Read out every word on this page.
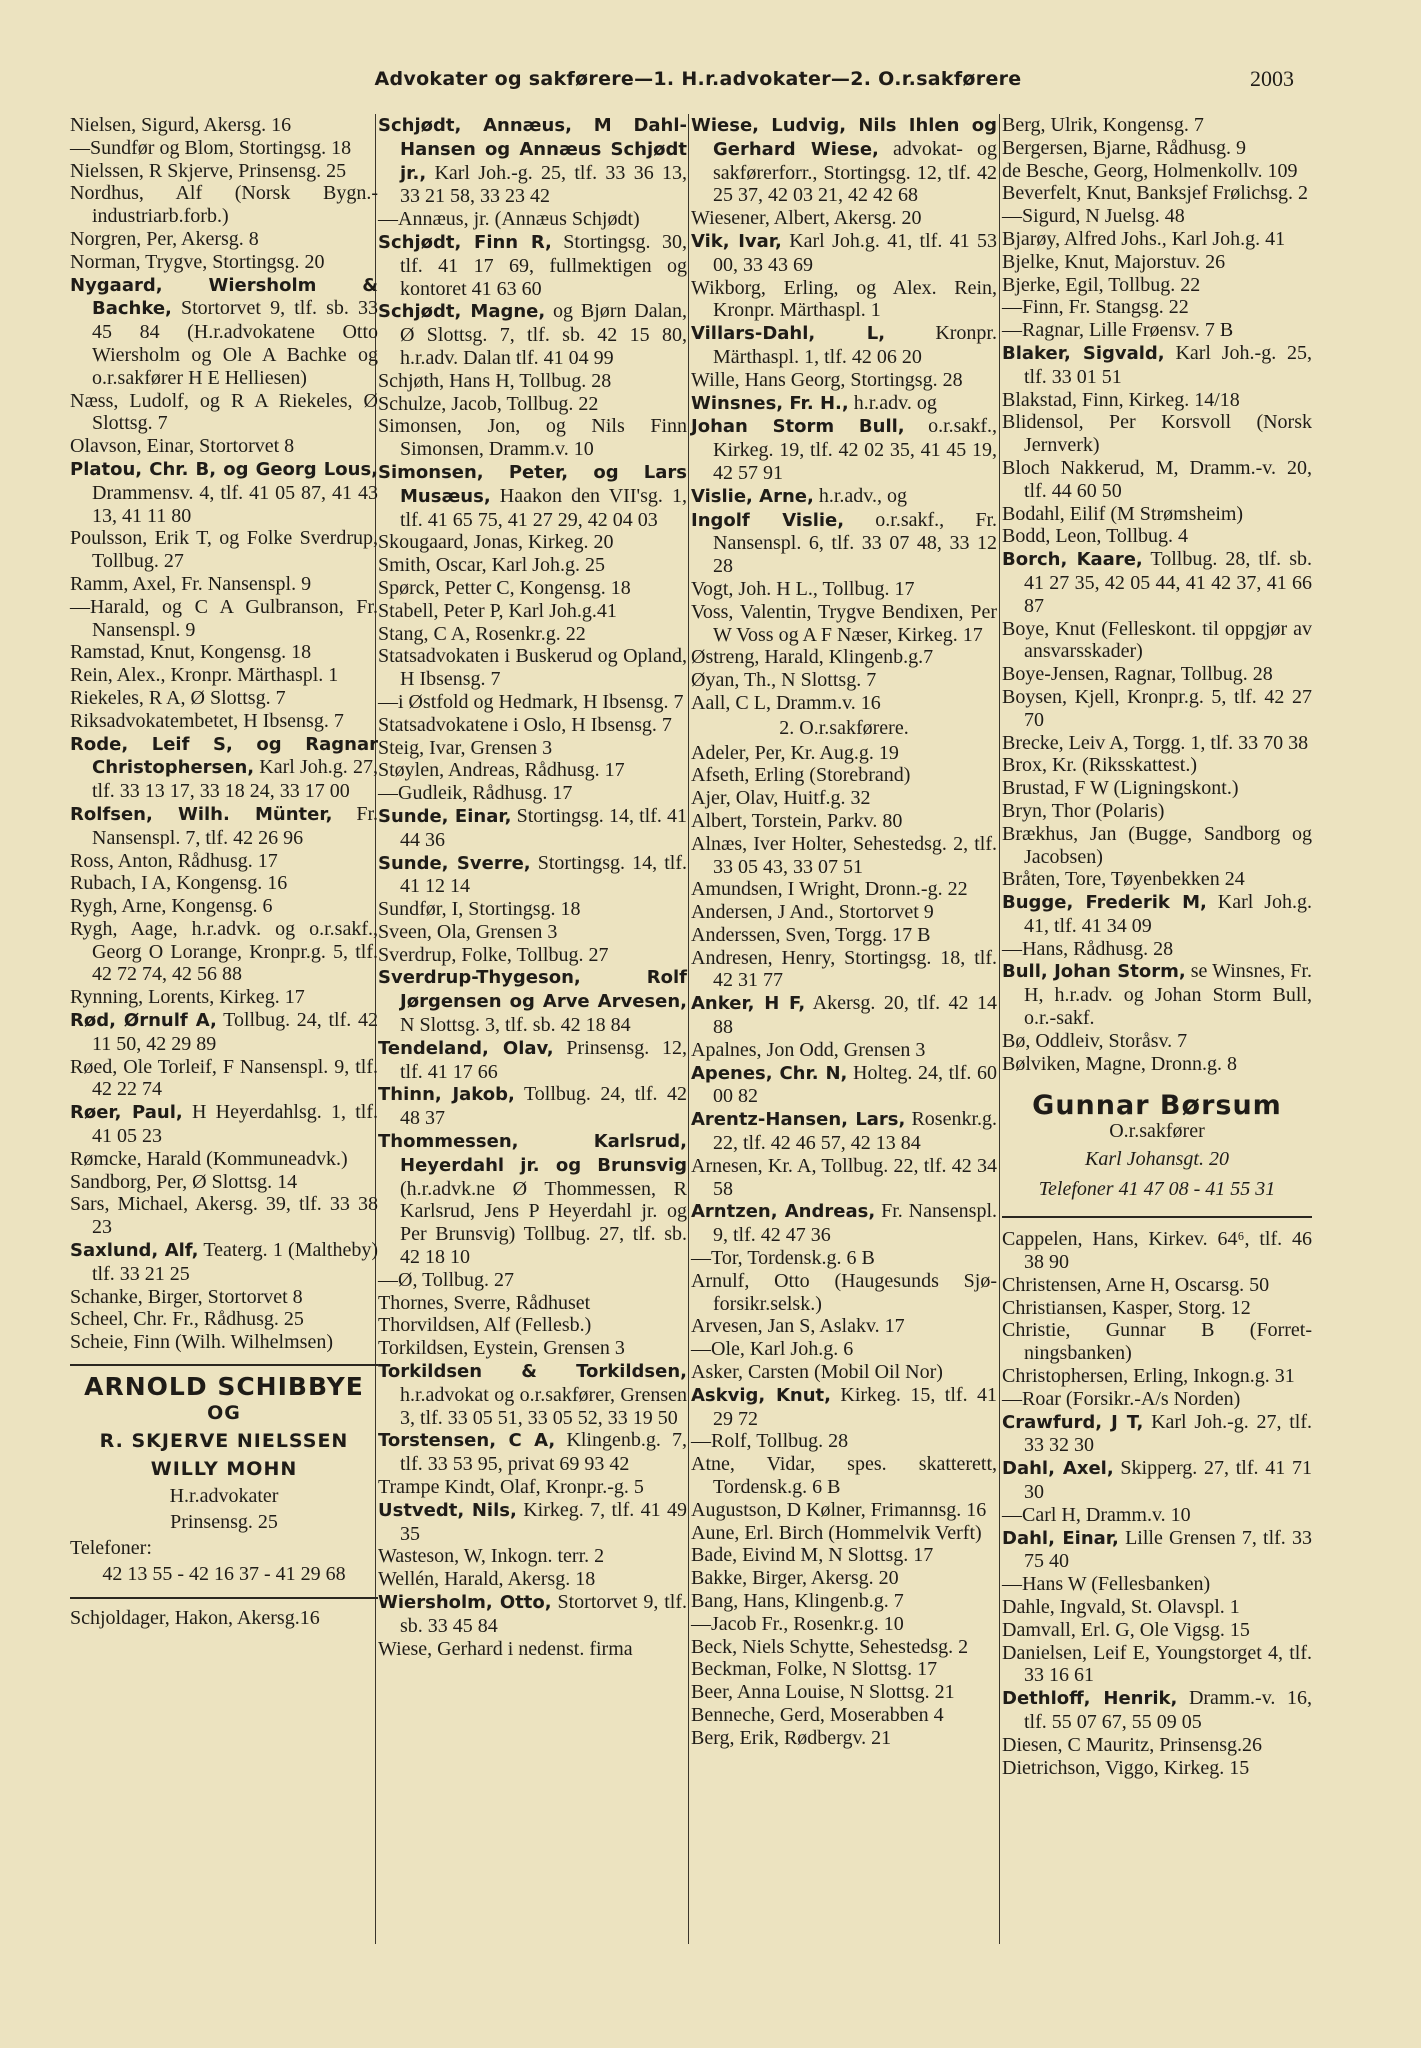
Advokater og sakførere—1. H.r.advokater—2. O.r.sakførere	2003
Nielsen, Sigurd, Akersg. 16
—Sundfør og Blom, Stortingsg. 18
Nielssen, R Skjerve, Prinsensg. 25
Nordhus, Alf (Norsk Bygn.-industriarb.forb.)
Norgren, Per, Akersg. 8
Norman, Trygve, Stortingsg. 20
Nygaard, Wiersholm & Bachke, Stortorvet 9, tlf. sb. 33 45 84 (H.r.advokatene Otto Wiersholm og Ole A Bachke og o.r.sakfører H E Helliesen)
Næss, Ludolf, og R A Riekeles, Ø Slottsg. 7
Olavson, Einar, Stortorvet 8
Platou, Chr. B, og Georg Lous, Drammensv. 4, tlf. 41 05 87, 41 43 13, 41 11 80
Poulsson, Erik T, og Folke Sverdrup, Tollbug. 27
Ramm, Axel, Fr. Nansenspl. 9
—Harald, og C A Gulbranson, Fr. Nansenspl. 9
Ramstad, Knut, Kongensg. 18
Rein, Alex., Kronpr. Märthaspl. 1
Riekeles, R A, Ø Slottsg. 7
Riksadvokatembetet, H Ibsensg. 7
Rode, Leif S, og Ragnar Christophersen, Karl Joh.g. 27, tlf. 33 13 17, 33 18 24, 33 17 00
Rolfsen, Wilh. Münter, Fr. Nansenspl. 7, tlf. 42 26 96
Ross, Anton, Rådhusg. 17
Rubach, I A, Kongensg. 16
Rygh, Arne, Kongensg. 6
Rygh, Aage, h.r.advk. og o.r.sakf., Georg O Lorange, Kronpr.g. 5, tlf. 42 72 74, 42 56 88
Rynning, Lorents, Kirkeg. 17
Rød, Ørnulf A, Tollbug. 24, tlf. 42 11 50, 42 29 89
Røed, Ole Torleif, F Nansenspl. 9, tlf. 42 22 74
Røer, Paul, H Heyerdahlsg. 1, tlf. 41 05 23
Rømcke, Harald (Kommuneadvk.)
Sandborg, Per, Ø Slottsg. 14
Sars, Michael, Akersg. 39, tlf. 33 38 23
Saxlund, Alf, Teaterg. 1 (Maltheby) tlf. 33 21 25
Schanke, Birger, Stortorvet 8
Scheel, Chr. Fr., Rådhusg. 25
Scheie, Finn (Wilh. Wilhelmsen)
ARNOLD SCHIBBYE
OG
R. SKJERVE NIELSSEN
WILLY MOHN
H.r.advokater
Prinsensg. 25
Telefoner:
42 13 55 - 42 16 37 - 41 29 68
Schjoldager, Hakon, Akersg.16
Schjødt, Annæus, M Dahl-Hansen og Annæus Schjødt jr., Karl Joh.-g. 25, tlf. 33 36 13, 33 21 58, 33 23 42
—Annæus, jr. (Annæus Schjødt)
Schjødt, Finn R, Stortingsg. 30, tlf. 41 17 69, fullmektigen og kontoret 41 63 60
Schjødt, Magne, og Bjørn Dalan, Ø Slottsg. 7, tlf. sb. 42 15 80, h.r.adv. Dalan tlf. 41 04 99
Schjøth, Hans H, Tollbug. 28
Schulze, Jacob, Tollbug. 22
Simonsen, Jon, og Nils Finn Simonsen, Dramm.v. 10
Simonsen, Peter, og Lars Musæus, Haakon den VII'sg. 1, tlf. 41 65 75, 41 27 29, 42 04 03
Skougaard, Jonas, Kirkeg. 20
Smith, Oscar, Karl Joh.g. 25
Spørck, Petter C, Kongensg. 18
Stabell, Peter P, Karl Joh.g.41
Stang, C A, Rosenkr.g. 22
Statsadvokaten i Buskerud og Opland, H Ibsensg. 7
—i Østfold og Hedmark, H Ibsensg. 7
Statsadvokatene i Oslo, H Ibsensg. 7
Steig, Ivar, Grensen 3
Støylen, Andreas, Rådhusg. 17
—Gudleik, Rådhusg. 17
Sunde, Einar, Stortingsg. 14, tlf. 41 44 36
Sunde, Sverre, Stortingsg. 14, tlf. 41 12 14
Sundfør, I, Stortingsg. 18
Sveen, Ola, Grensen 3
Sverdrup, Folke, Tollbug. 27
Sverdrup-Thygeson, Rolf Jørgensen og Arve Arvesen, N Slottsg. 3, tlf. sb. 42 18 84
Tendeland, Olav, Prinsensg. 12, tlf. 41 17 66
Thinn, Jakob, Tollbug. 24, tlf. 42 48 37
Thommessen, Karlsrud, Heyerdahl jr. og Brunsvig (h.r.advk.ne Ø Thommessen, R Karlsrud, Jens P Heyerdahl jr. og Per Brunsvig) Tollbug. 27, tlf. sb. 42 18 10
—Ø, Tollbug. 27
Thornes, Sverre, Rådhuset
Thorvildsen, Alf (Fellesb.)
Torkildsen, Eystein, Grensen 3
Torkildsen & Torkildsen, h.r.advokat og o.r.sakfører, Grensen 3, tlf. 33 05 51, 33 05 52, 33 19 50
Torstensen, C A, Klingenb.g. 7, tlf. 33 53 95, privat 69 93 42
Trampe Kindt, Olaf, Kronpr.-g. 5
Ustvedt, Nils, Kirkeg. 7, tlf. 41 49 35
Wasteson, W, Inkogn. terr. 2
Wellén, Harald, Akersg. 18
Wiersholm, Otto, Stortorvet 9, tlf. sb. 33 45 84
Wiese, Gerhard i nedenst. firma
Wiese, Ludvig, Nils Ihlen og Gerhard Wiese, advokat- og sakførerforr., Stortingsg. 12, tlf. 42 25 37, 42 03 21, 42 42 68
Wiesener, Albert, Akersg. 20
Vik, Ivar, Karl Joh.g. 41, tlf. 41 53 00, 33 43 69
Wikborg, Erling, og Alex. Rein, Kronpr. Märthaspl. 1
Villars-Dahl, L, Kronpr. Märthaspl. 1, tlf. 42 06 20
Wille, Hans Georg, Stortingsg. 28
Winsnes, Fr. H., h.r.adv. og
Johan Storm Bull, o.r.sakf., Kirkeg. 19, tlf. 42 02 35, 41 45 19, 42 57 91
Vislie, Arne, h.r.adv., og
Ingolf Vislie, o.r.sakf., Fr. Nansenspl. 6, tlf. 33 07 48, 33 12 28
Vogt, Joh. H L., Tollbug. 17
Voss, Valentin, Trygve Bendixen, Per W Voss og A F Næser, Kirkeg. 17
Østreng, Harald, Klingenb.g.7
Øyan, Th., N Slottsg. 7
Aall, C L, Dramm.v. 16
2. O.r.sakførere.
Adeler, Per, Kr. Aug.g. 19
Afseth, Erling (Storebrand)
Ajer, Olav, Huitf.g. 32
Albert, Torstein, Parkv. 80
Alnæs, Iver Holter, Sehestedsg. 2, tlf. 33 05 43, 33 07 51
Amundsen, I Wright, Dronn.-g. 22
Andersen, J And., Stortorvet 9
Anderssen, Sven, Torgg. 17 B
Andresen, Henry, Stortingsg. 18, tlf. 42 31 77
Anker, H F, Akersg. 20, tlf. 42 14 88
Apalnes, Jon Odd, Grensen 3
Apenes, Chr. N, Holteg. 24, tlf. 60 00 82
Arentz-Hansen, Lars, Rosenkr.g. 22, tlf. 42 46 57, 42 13 84
Arnesen, Kr. A, Tollbug. 22, tlf. 42 34 58
Arntzen, Andreas, Fr. Nansenspl. 9, tlf. 42 47 36
—Tor, Tordensk.g. 6 B
Arnulf, Otto (Haugesunds Sjøforsikr.selsk.)
Arvesen, Jan S, Aslakv. 17
—Ole, Karl Joh.g. 6
Asker, Carsten (Mobil Oil Nor)
Askvig, Knut, Kirkeg. 15, tlf. 41 29 72
—Rolf, Tollbug. 28
Atne, Vidar, spes. skatterett, Tordensk.g. 6 B
Augustson, D Kølner, Frimannsg. 16
Aune, Erl. Birch (Hommelvik Verft)
Bade, Eivind M, N Slottsg. 17
Bakke, Birger, Akersg. 20
Bang, Hans, Klingenb.g. 7
—Jacob Fr., Rosenkr.g. 10
Beck, Niels Schytte, Sehestedsg. 2
Beckman, Folke, N Slottsg. 17
Beer, Anna Louise, N Slottsg. 21
Benneche, Gerd, Moserabben 4
Berg, Erik, Rødbergv. 21
Berg, Ulrik, Kongensg. 7
Bergersen, Bjarne, Rådhusg. 9
de Besche, Georg, Holmenkollv. 109
Beverfelt, Knut, Banksjef Frølichsg. 2
—Sigurd, N Juelsg. 48
Bjarøy, Alfred Johs., Karl Joh.g. 41
Bjelke, Knut, Majorstuv. 26
Bjerke, Egil, Tollbug. 22
—Finn, Fr. Stangsg. 22
—Ragnar, Lille Frøensv. 7 B
Blaker, Sigvald, Karl Joh.-g. 25, tlf. 33 01 51
Blakstad, Finn, Kirkeg. 14/18
Blidensol, Per Korsvoll (Norsk Jernverk)
Bloch Nakkerud, M, Dramm.-v. 20, tlf. 44 60 50
Bodahl, Eilif (M Strømsheim)
Bodd, Leon, Tollbug. 4
Borch, Kaare, Tollbug. 28, tlf. sb. 41 27 35, 42 05 44, 41 42 37, 41 66 87
Boye, Knut (Felleskont. til oppgjør av ansvarsskader)
Boye-Jensen, Ragnar, Tollbug. 28
Boysen, Kjell, Kronpr.g. 5, tlf. 42 27 70
Brecke, Leiv A, Torgg. 1, tlf. 33 70 38
Brox, Kr. (Riksskattest.)
Brustad, F W (Ligningskont.)
Bryn, Thor (Polaris)
Brækhus, Jan (Bugge, Sandborg og Jacobsen)
Bråten, Tore, Tøyenbekken 24
Bugge, Frederik M, Karl Joh.g. 41, tlf. 41 34 09
—Hans, Rådhusg. 28
Bull, Johan Storm, se Winsnes, Fr. H, h.r.adv. og Johan Storm Bull, o.r.-sakf.
Bø, Oddleiv, Storåsv. 7
Bølviken, Magne, Dronn.g. 8
Gunnar Børsum
O.r.sakfører
Karl Johansgt. 20
Telefoner 41 47 08 - 41 55 31
Cappelen, Hans, Kirkev. 64⁶, tlf. 46 38 90
Christensen, Arne H, Oscarsg. 50
Christiansen, Kasper, Storg. 12
Christie, Gunnar B (Forretningsbanken)
Christophersen, Erling, Inkogn.g. 31
—Roar (Forsikr.-A/s Norden)
Crawfurd, J T, Karl Joh.-g. 27, tlf. 33 32 30
Dahl, Axel, Skipperg. 27, tlf. 41 71 30
—Carl H, Dramm.v. 10
Dahl, Einar, Lille Grensen 7, tlf. 33 75 40
—Hans W (Fellesbanken)
Dahle, Ingvald, St. Olavspl. 1
Damvall, Erl. G, Ole Vigsg. 15
Danielsen, Leif E, Youngstorget 4, tlf. 33 16 61
Dethloff, Henrik, Dramm.-v. 16, tlf. 55 07 67, 55 09 05
Diesen, C Mauritz, Prinsensg.26
Dietrichson, Viggo, Kirkeg. 15
